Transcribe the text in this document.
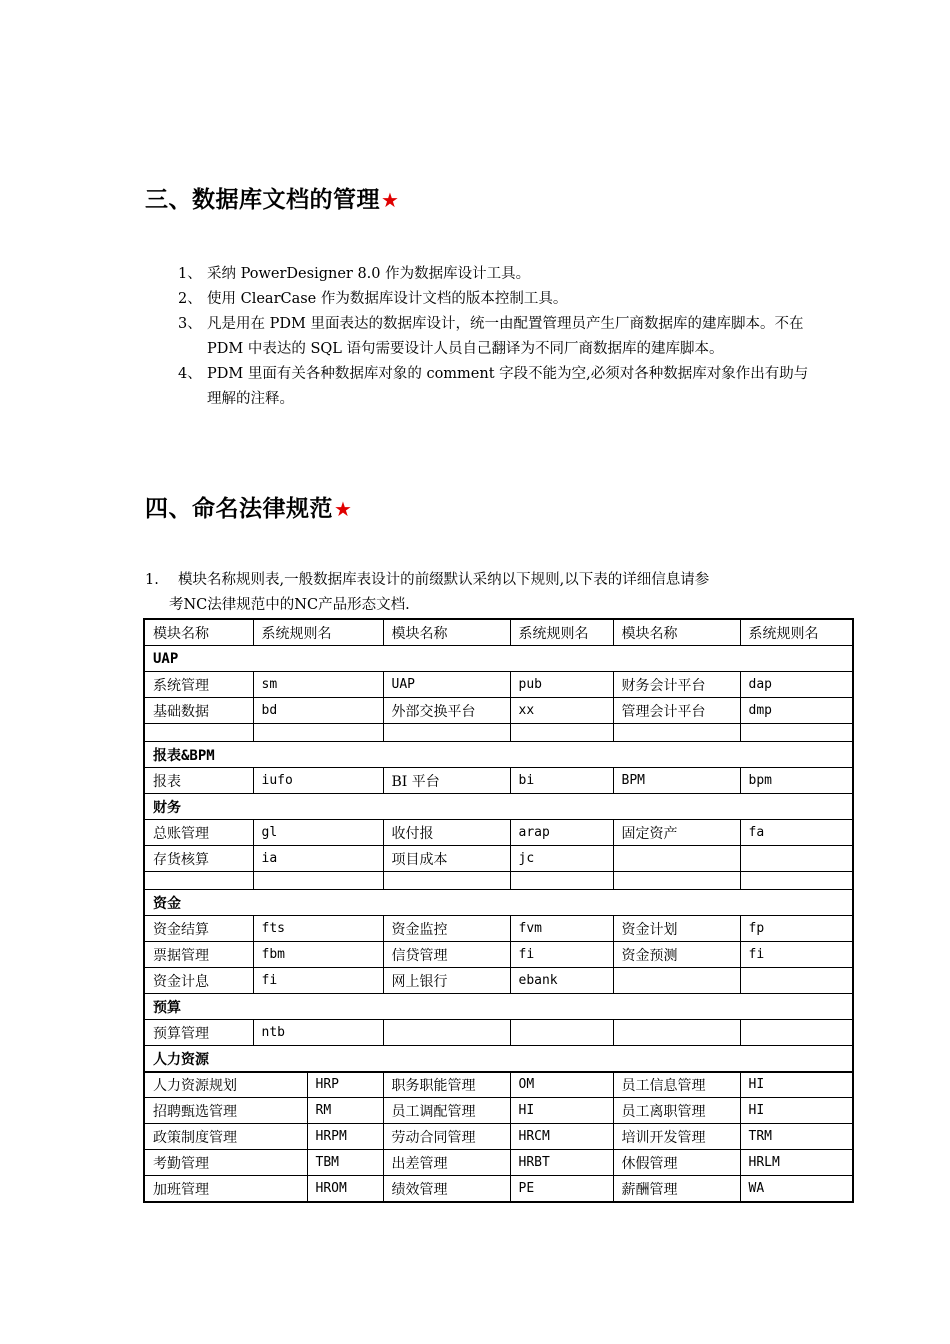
三、数据库文档的管理★
1、 采纳 PowerDesigner 8.0 作为数据库设计工具。
2、 使用 ClearCase 作为数据库设计文档的版本控制工具。
3、 凡是用在 PDM 里面表达的数据库设计，统一由配置管理员产生厂商数据库的建库脚本。不在 PDM 中表达的 SQL 语句需要设计人员自己翻译为不同厂商数据库的建库脚本。
4、 PDM 里面有关各种数据库对象的 comment 字段不能为空,必须对各种数据库对象作出有助与理解的注释。
四、命名法律规范★
1.	模块名称规则表,一般数据库表设计的前缀默认采纳以下规则,以下表的详细信息请参
考NC法律规范中的NC产品形态文档.
模块名称	系统规则名	模块名称	系统规则名	模块名称	系统规则名
UAP					
系统管理	sm	UAP	pub	财务会计平台	dap
基础数据	bd	外部交换平台	xx	管理会计平台	dmp

报表&BPM					
报表	iufo	BI 平台	bi	BPM	bpm
财务					
总账管理	gl	收付报	arap	固定资产	fa
存货核算	ia	项目成本	jc		

资金					
资金结算	fts	资金监控	fvm	资金计划	fp
票据管理	fbm	信贷管理	fi	资金预测	fi
资金计息	fi	网上银行	ebank		
预算					
预算管理	ntb				
人力资源					
人力资源规划	HRP	职务职能管理	OM	员工信息管理	HI
招聘甄选管理	RM	员工调配管理	HI	员工离职管理	HI
政策制度管理	HRPM	劳动合同管理	HRCM	培训开发管理	TRM
考勤管理	TBM	出差管理	HRBT	休假管理	HRLM
加班管理	HROM	绩效管理	PE	薪酬管理	WA
